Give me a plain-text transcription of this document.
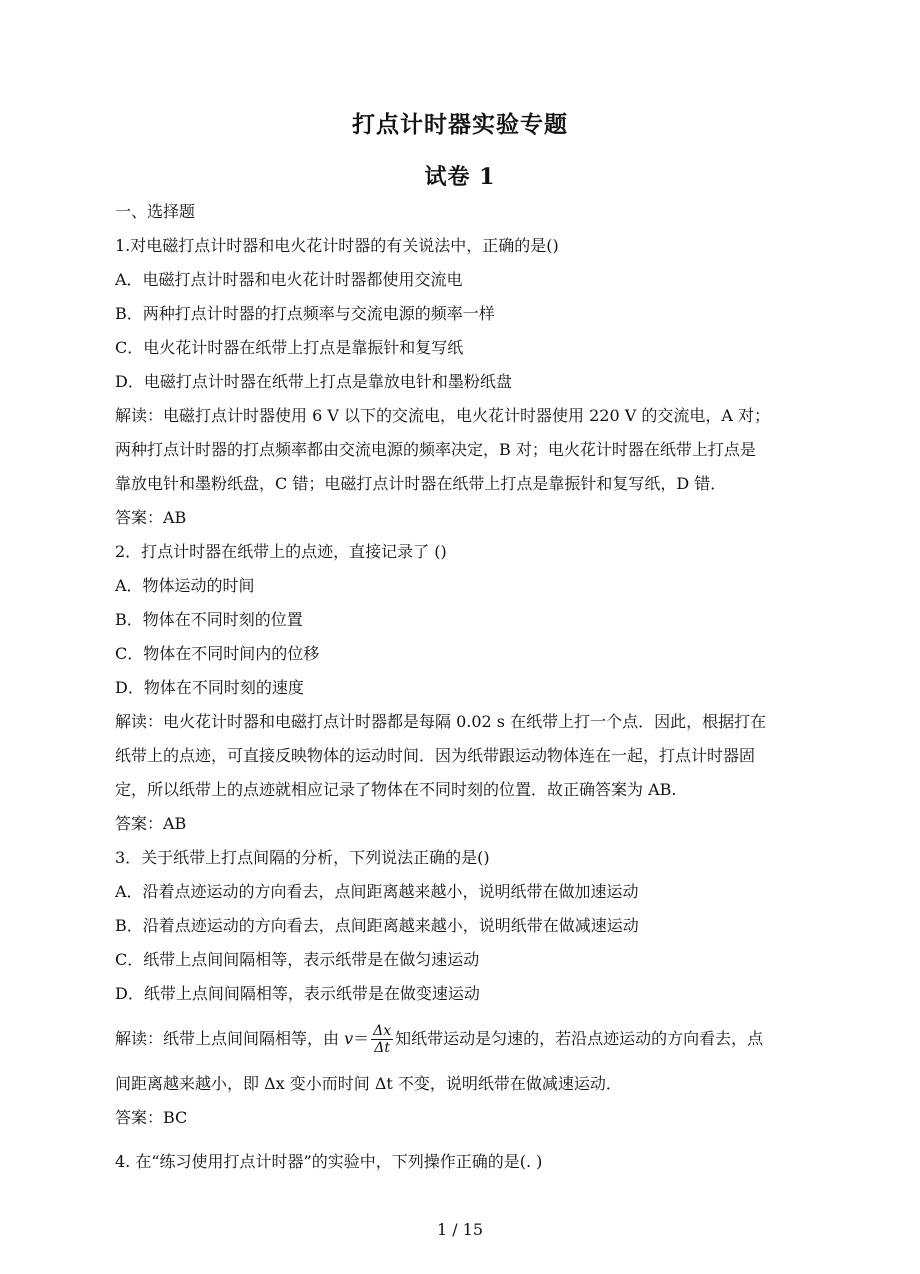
打点计时器实验专题
试卷 1
一、选择题
1.对电磁打点计时器和电火花计时器的有关说法中，正确的是()
A．电磁打点计时器和电火花计时器都使用交流电
B．两种打点计时器的打点频率与交流电源的频率一样
C．电火花计时器在纸带上打点是靠振针和复写纸
D．电磁打点计时器在纸带上打点是靠放电针和墨粉纸盘
解读：电磁打点计时器使用 6 V 以下的交流电，电火花计时器使用 220 V 的交流电，A 对；
两种打点计时器的打点频率都由交流电源的频率决定，B 对；电火花计时器在纸带上打点是
靠放电针和墨粉纸盘，C 错；电磁打点计时器在纸带上打点是靠振针和复写纸，D 错．
答案：AB
2．打点计时器在纸带上的点迹，直接记录了 ()
A．物体运动的时间
B．物体在不同时刻的位置
C．物体在不同时间内的位移
D．物体在不同时刻的速度
解读：电火花计时器和电磁打点计时器都是每隔 0.02 s 在纸带上打一个点．因此，根据打在
纸带上的点迹，可直接反映物体的运动时间．因为纸带跟运动物体连在一起，打点计时器固
定，所以纸带上的点迹就相应记录了物体在不同时刻的位置．故正确答案为 AB.
答案：AB
3．关于纸带上打点间隔的分析，下列说法正确的是()
A．沿着点迹运动的方向看去，点间距离越来越小，说明纸带在做加速运动
B．沿着点迹运动的方向看去，点间距离越来越小，说明纸带在做减速运动
C．纸带上点间间隔相等，表示纸带是在做匀速运动
D．纸带上点间间隔相等，表示纸带是在做变速运动
解读：纸带上点间间隔相等，由 $v= \frac{\Delta x}{\Delta t}$ 知纸带运动是匀速的，若沿点迹运动的方向看去，点
间距离越来越小，即 Δx 变小而时间 Δt 不变，说明纸带在做减速运动．
答案：BC
4. 在“练习使用打点计时器”的实验中，下列操作正确的是(. )
1 / 15
